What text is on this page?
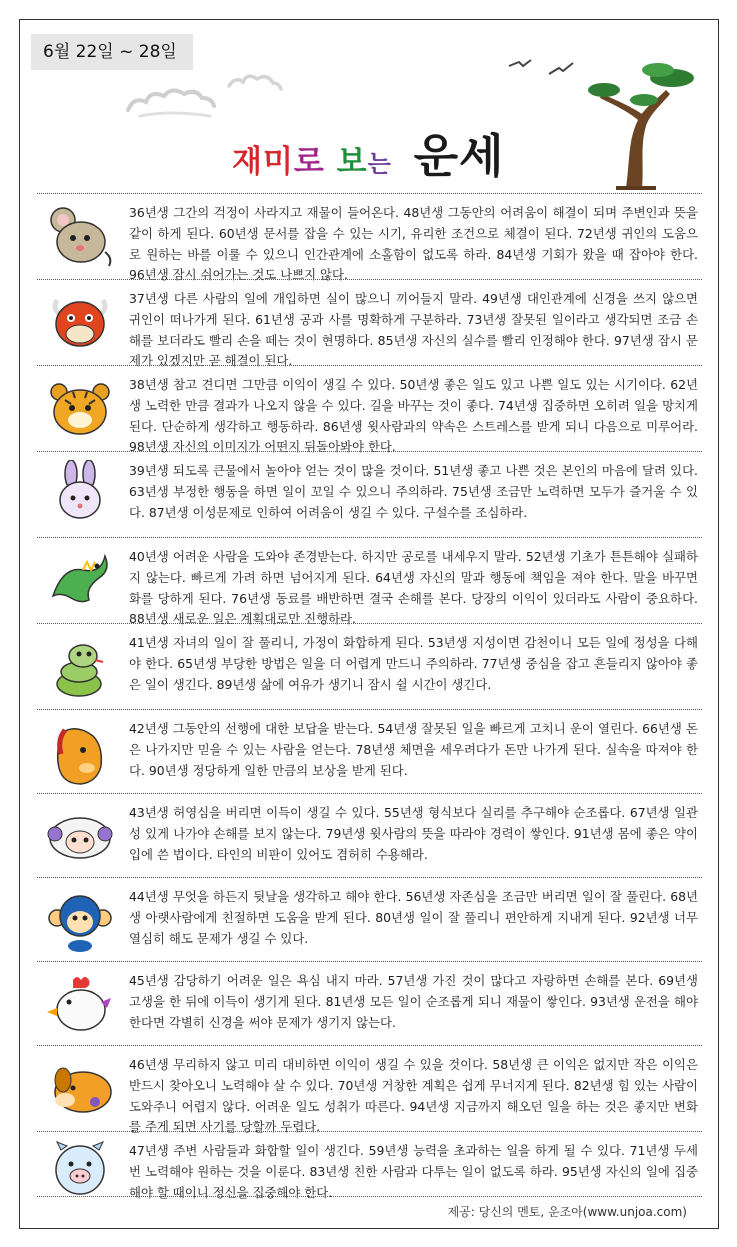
6월 22일 ~ 28일
재미로 보는 운세
36년생 그간의 걱정이 사라지고 재물이 들어온다. 48년생 그동안의 어려움이 해결이 되며 주변인과 뜻을 같이 하게 된다. 60년생 문서를 잡을 수 있는 시기, 유리한 조건으로 체결이 된다. 72년생 귀인의 도움으로 원하는 바를 이룰 수 있으니 인간관계에 소홀함이 없도록 하라. 84년생 기회가 왔을 때 잡아야 한다. 96년생 잠시 쉬어가는 것도 나쁘지 않다.
37년생 다른 사람의 일에 개입하면 실이 많으니 끼어들지 말라. 49년생 대인관계에 신경을 쓰지 않으면 귀인이 떠나가게 된다. 61년생 공과 사를 명확하게 구분하라. 73년생 잘못된 일이라고 생각되면 조금 손해를 보더라도 빨리 손을 떼는 것이 현명하다. 85년생 자신의 실수를 빨리 인정해야 한다. 97년생 잠시 문제가 있겠지만 곧 해결이 된다.
38년생 참고 견디면 그만큼 이익이 생길 수 있다. 50년생 좋은 일도 있고 나쁜 일도 있는 시기이다. 62년생 노력한 만큼 결과가 나오지 않을 수 있다. 길을 바꾸는 것이 좋다. 74년생 집중하면 오히려 일을 망치게 된다. 단순하게 생각하고 행동하라. 86년생 윗사람과의 약속은 스트레스를 받게 되니 다음으로 미루어라. 98년생 자신의 이미지가 어떤지 뒤돌아봐야 한다.
39년생 되도록 큰물에서 놀아야 얻는 것이 많을 것이다. 51년생 좋고 나쁜 것은 본인의 마음에 달려 있다. 63년생 부정한 행동을 하면 일이 꼬일 수 있으니 주의하라. 75년생 조금만 노력하면 모두가 즐거울 수 있다. 87년생 이성문제로 인하여 어려움이 생길 수 있다. 구설수를 조심하라.
40년생 어려운 사람을 도와야 존경받는다. 하지만 공로를 내세우지 말라. 52년생 기초가 튼튼해야 실패하지 않는다. 빠르게 가려 하면 넘어지게 된다. 64년생 자신의 말과 행동에 책임을 져야 한다. 말을 바꾸면 화를 당하게 된다. 76년생 동료를 배반하면 결국 손해를 본다. 당장의 이익이 있더라도 사람이 중요하다. 88년생 새로운 일은 계획대로만 진행하라.
41년생 자녀의 일이 잘 풀리니, 가정이 화합하게 된다. 53년생 지성이면 감천이니 모든 일에 정성을 다해야 한다. 65년생 부당한 방법은 일을 더 어렵게 만드니 주의하라. 77년생 중심을 잡고 흔들리지 않아야 좋은 일이 생긴다. 89년생 삶에 여유가 생기니 잠시 쉴 시간이 생긴다.
42년생 그동안의 선행에 대한 보답을 받는다. 54년생 잘못된 일을 빠르게 고치니 운이 열린다. 66년생 돈은 나가지만 믿을 수 있는 사람을 얻는다. 78년생 체면을 세우려다가 돈만 나가게 된다. 실속을 따져야 한다. 90년생 정당하게 일한 만큼의 보상을 받게 된다.
43년생 허영심을 버리면 이득이 생길 수 있다. 55년생 형식보다 실리를 추구해야 순조롭다. 67년생 일관성 있게 나가야 손해를 보지 않는다. 79년생 윗사람의 뜻을 따라야 경력이 쌓인다. 91년생 몸에 좋은 약이 입에 쓴 법이다. 타인의 비판이 있어도 겸허히 수용해라.
44년생 무엇을 하든지 뒷날을 생각하고 해야 한다. 56년생 자존심을 조금만 버리면 일이 잘 풀린다. 68년생 아랫사람에게 친절하면 도움을 받게 된다. 80년생 일이 잘 풀리니 편안하게 지내게 된다. 92년생 너무 열심히 해도 문제가 생길 수 있다.
45년생 감당하기 어려운 일은 욕심 내지 마라. 57년생 가진 것이 많다고 자랑하면 손해를 본다. 69년생 고생을 한 뒤에 이득이 생기게 된다. 81년생 모든 일이 순조롭게 되니 재물이 쌓인다. 93년생 운전을 해야 한다면 각별히 신경을 써야 문제가 생기지 않는다.
46년생 무리하지 않고 미리 대비하면 이익이 생길 수 있을 것이다. 58년생 큰 이익은 없지만 작은 이익은 반드시 찾아오니 노력해야 살 수 있다. 70년생 거창한 계획은 쉽게 무너지게 된다. 82년생 힘 있는 사람이 도와주니 어렵지 않다. 어려운 일도 성취가 따른다. 94년생 지금까지 해오던 일을 하는 것은 좋지만 변화를 주게 되면 사기를 당할까 두렵다.
47년생 주변 사람들과 화합할 일이 생긴다. 59년생 능력을 초과하는 일을 하게 될 수 있다. 71년생 두세 번 노력해야 원하는 것을 이룬다. 83년생 친한 사람과 다투는 일이 없도록 하라. 95년생 자신의 일에 집중해야 할 때이니 정신을 집중해야 한다.
제공: 당신의 멘토, 운조아(www.unjoa.com)
